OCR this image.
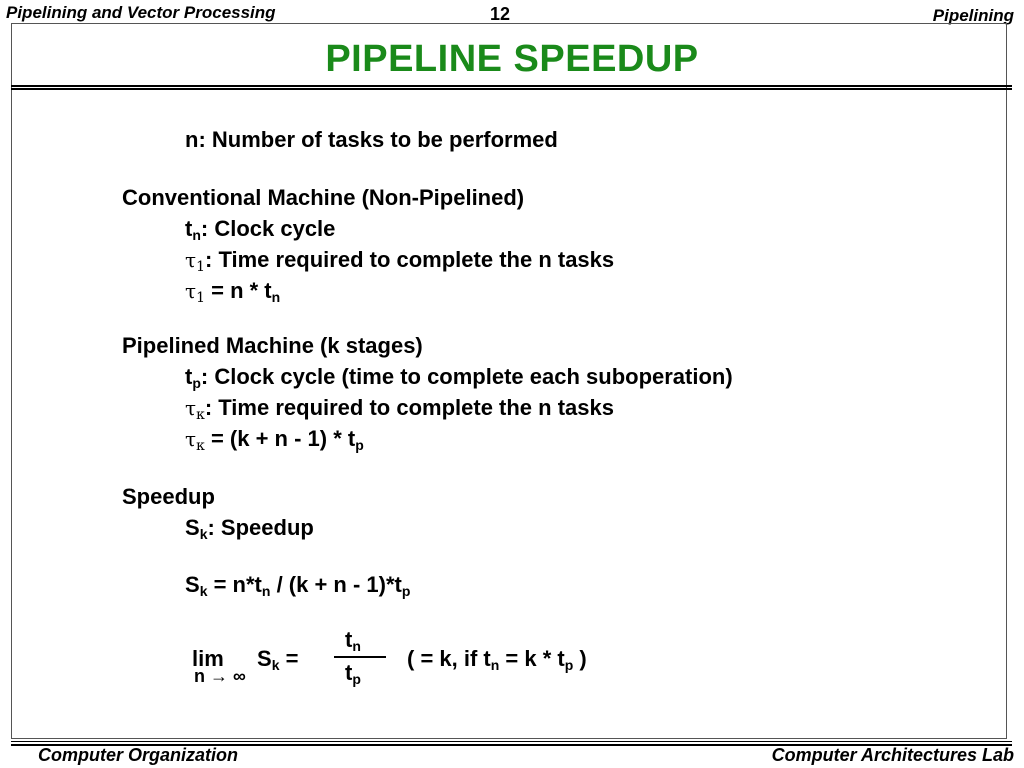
Pipelining and Vector Processing	12	Pipelining
PIPELINE SPEEDUP
n: Number of tasks to be performed
Conventional Machine (Non-Pipelined)
$t_n$: Clock cycle
$\tau_1$: Time required to complete the n tasks
$\tau_1 = n * t_n$
Pipelined Machine (k stages)
$t_p$: Clock cycle (time to complete each suboperation)
$\tau_\kappa$: Time required to complete the n tasks
$\tau_\kappa = (k + n - 1) * t_p$
Speedup
$S_k$: Speedup
$S_k = n*t_n / (k + n - 1)*t_p$
lim
n → ∞
$S_k$ =
$t_n$
$t_p$
( = k, if $t_n = k * t_p$ )
Computer Organization	Computer Architectures Lab
